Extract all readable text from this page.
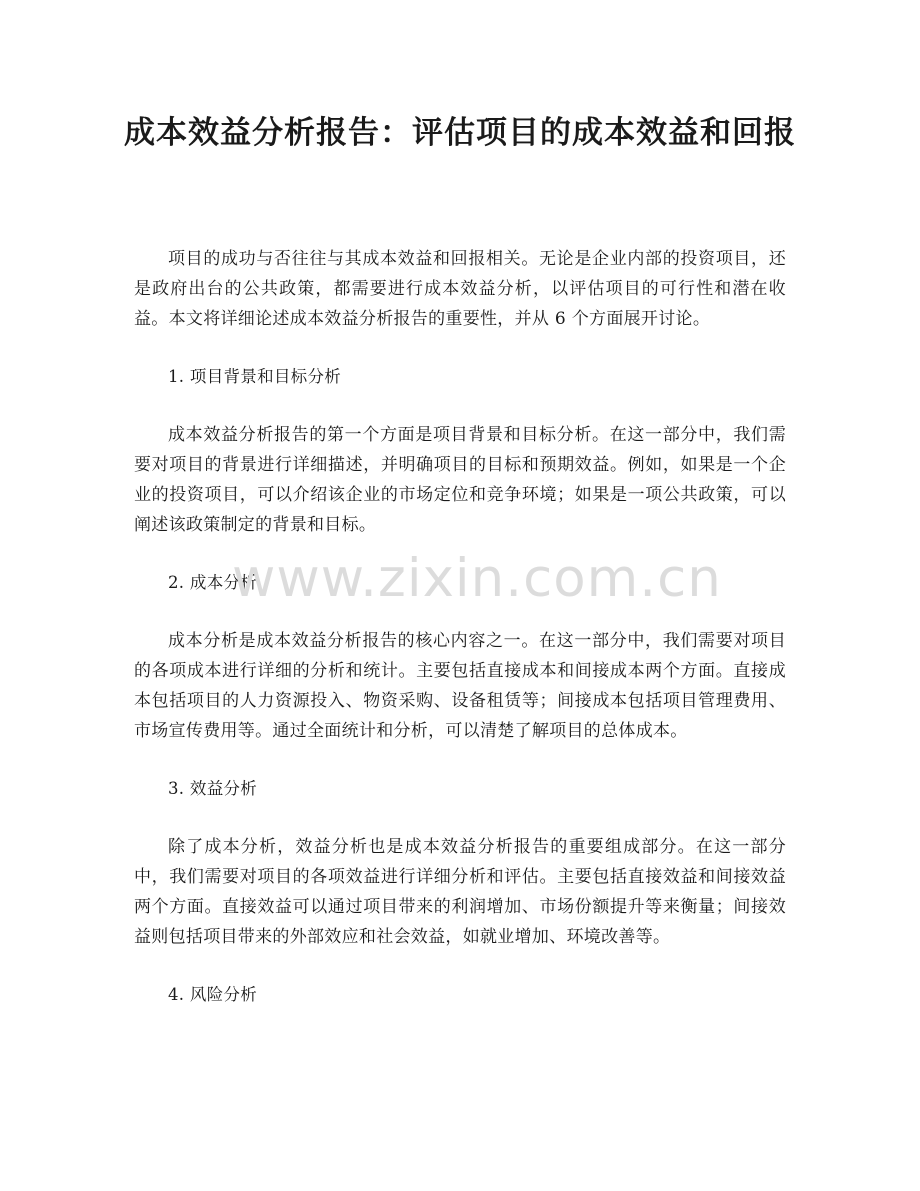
成本效益分析报告：评估项目的成本效益和回报

项目的成功与否往往与其成本效益和回报相关。无论是企业内部的投资项目，还是政府出台的公共政策，都需要进行成本效益分析，以评估项目的可行性和潜在收益。本文将详细论述成本效益分析报告的重要性，并从 6 个方面展开讨论。

1. 项目背景和目标分析

成本效益分析报告的第一个方面是项目背景和目标分析。在这一部分中，我们需要对项目的背景进行详细描述，并明确项目的目标和预期效益。例如，如果是一个企业的投资项目，可以介绍该企业的市场定位和竞争环境；如果是一项公共政策，可以阐述该政策制定的背景和目标。

2. 成本分析

成本分析是成本效益分析报告的核心内容之一。在这一部分中，我们需要对项目的各项成本进行详细的分析和统计。主要包括直接成本和间接成本两个方面。直接成本包括项目的人力资源投入、物资采购、设备租赁等；间接成本包括项目管理费用、市场宣传费用等。通过全面统计和分析，可以清楚了解项目的总体成本。

3. 效益分析

除了成本分析，效益分析也是成本效益分析报告的重要组成部分。在这一部分中，我们需要对项目的各项效益进行详细分析和评估。主要包括直接效益和间接效益两个方面。直接效益可以通过项目带来的利润增加、市场份额提升等来衡量；间接效益则包括项目带来的外部效应和社会效益，如就业增加、环境改善等。

4. 风险分析
www.zixin.com.cn
